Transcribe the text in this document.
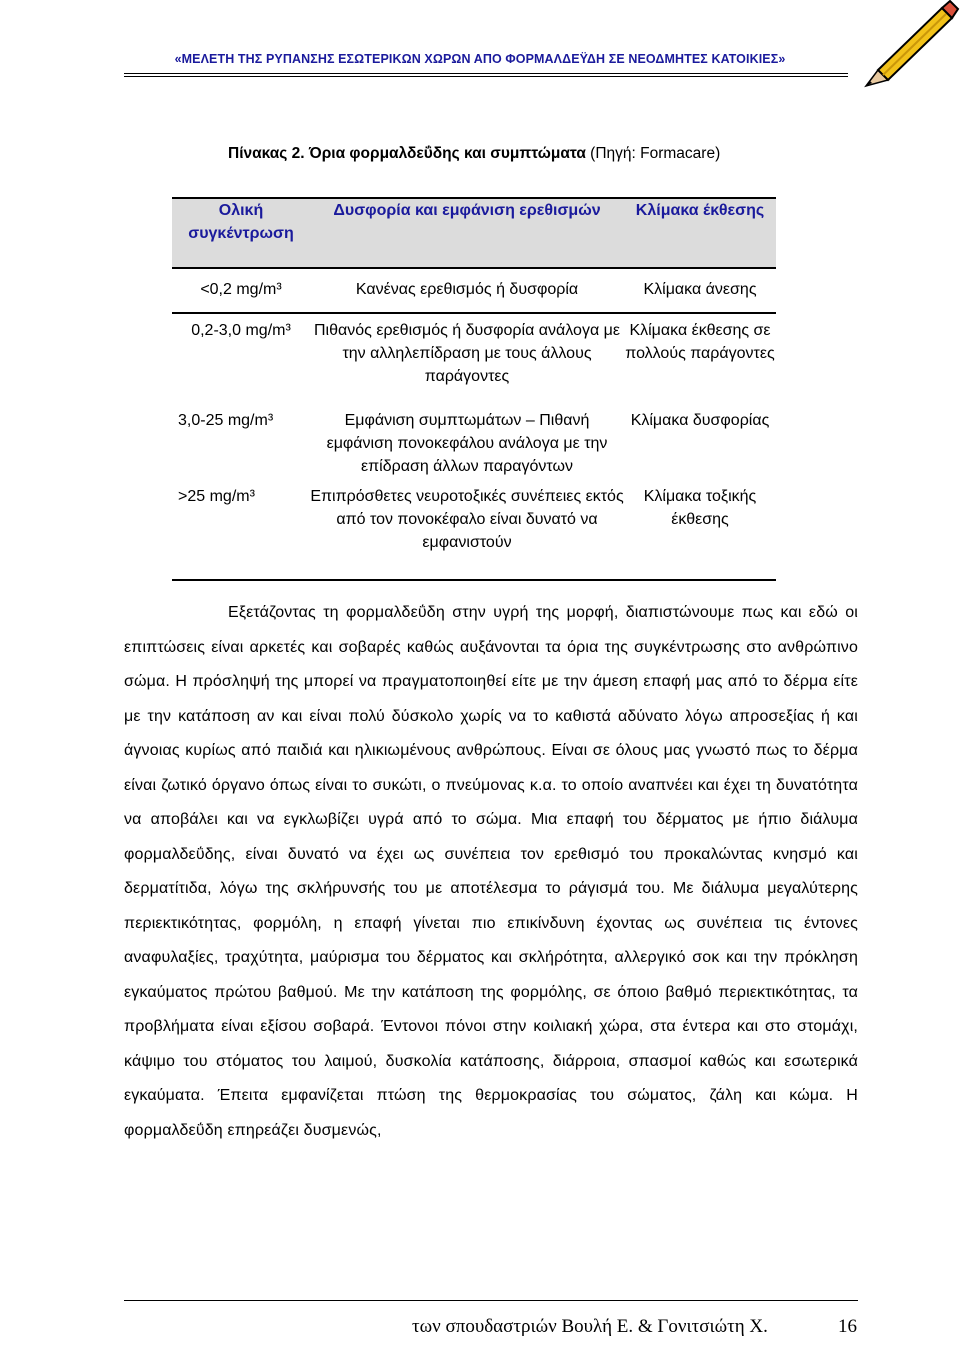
«ΜΕΛΕΤΗ ΤΗΣ ΡΥΠΑΝΣΗΣ ΕΣΩΤΕΡΙΚΩΝ ΧΩΡΩΝ ΑΠΟ ΦΟΡΜΑΛΔΕΫΔΗ ΣΕ ΝΕΟΔΜΗΤΕΣ ΚΑΤΟΙΚΙΕΣ»
Πίνακας 2. Όρια φορμαλδεΰδης και συμπτώματα (Πηγή: Formacare)
Ολική συγκέντρωση	Δυσφορία και εμφάνιση ερεθισμών	Κλίμακα έκθεσης
<0,2 mg/m³	Κανένας ερεθισμός ή δυσφορία	Κλίμακα άνεσης
0,2-3,0 mg/m³	Πιθανός ερεθισμός ή δυσφορία ανάλογα με την αλληλεπίδραση με τους άλλους παράγοντες	Κλίμακα έκθεσης σε πολλούς παράγοντες
3,0-25 mg/m³	Εμφάνιση συμπτωμάτων – Πιθανή εμφάνιση πονοκεφάλου ανάλογα με την επίδραση άλλων παραγόντων	Κλίμακα δυσφορίας
>25 mg/m³	Επιπρόσθετες νευροτοξικές συνέπειες εκτός από τον πονοκέφαλο είναι δυνατό να εμφανιστούν	Κλίμακα τοξικής έκθεσης

Εξετάζοντας τη φορμαλδεΰδη στην υγρή της μορφή, διαπιστώνουμε πως και εδώ οι επιπτώσεις είναι αρκετές και σοβαρές καθώς αυξάνονται τα όρια της συγκέντρωσης στο ανθρώπινο σώμα. Η πρόσληψή της μπορεί να πραγματοποιηθεί είτε με την άμεση επαφή μας από το δέρμα είτε με την κατάποση αν και είναι πολύ δύσκολο χωρίς να το καθιστά αδύνατο λόγω απροσεξίας ή και άγνοιας κυρίως από παιδιά και ηλικιωμένους ανθρώπους. Είναι σε όλους μας γνωστό πως το δέρμα είναι ζωτικό όργανο όπως είναι το συκώτι, ο πνεύμονας κ.α. το οποίο αναπνέει και έχει τη δυνατότητα να αποβάλει και να εγκλωβίζει υγρά από το σώμα. Μια επαφή του δέρματος με ήπιο διάλυμα φορμαλδεΰδης, είναι δυνατό να έχει ως συνέπεια τον ερεθισμό του προκαλώντας κνησμό και δερματίτιδα, λόγω της σκλήρυνσής του με αποτέλεσμα το ράγισμά του. Με διάλυμα μεγαλύτερης περιεκτικότητας, φορμόλη, η επαφή γίνεται πιο επικίνδυνη έχοντας ως συνέπεια τις έντονες αναφυλαξίες, τραχύτητα, μαύρισμα του δέρματος και σκλήρότητα, αλλεργικό σοκ και την πρόκληση εγκαύματος πρώτου βαθμού. Με την κατάποση της φορμόλης, σε όποιο βαθμό περιεκτικότητας, τα προβλήματα είναι εξίσου σοβαρά. Έντονοι πόνοι στην κοιλιακή χώρα, στα έντερα και στο στομάχι, κάψιμο του στόματος του λαιμού, δυσκολία κατάποσης, διάρροια, σπασμοί καθώς και εσωτερικά εγκαύματα. Έπειτα εμφανίζεται πτώση της θερμοκρασίας του σώματος, ζάλη και κώμα. Η φορμαλδεΰδη επηρεάζει δυσμενώς,

των σπουδαστριών Βουλή Ε. & Γονιτσιώτη Χ.	16
